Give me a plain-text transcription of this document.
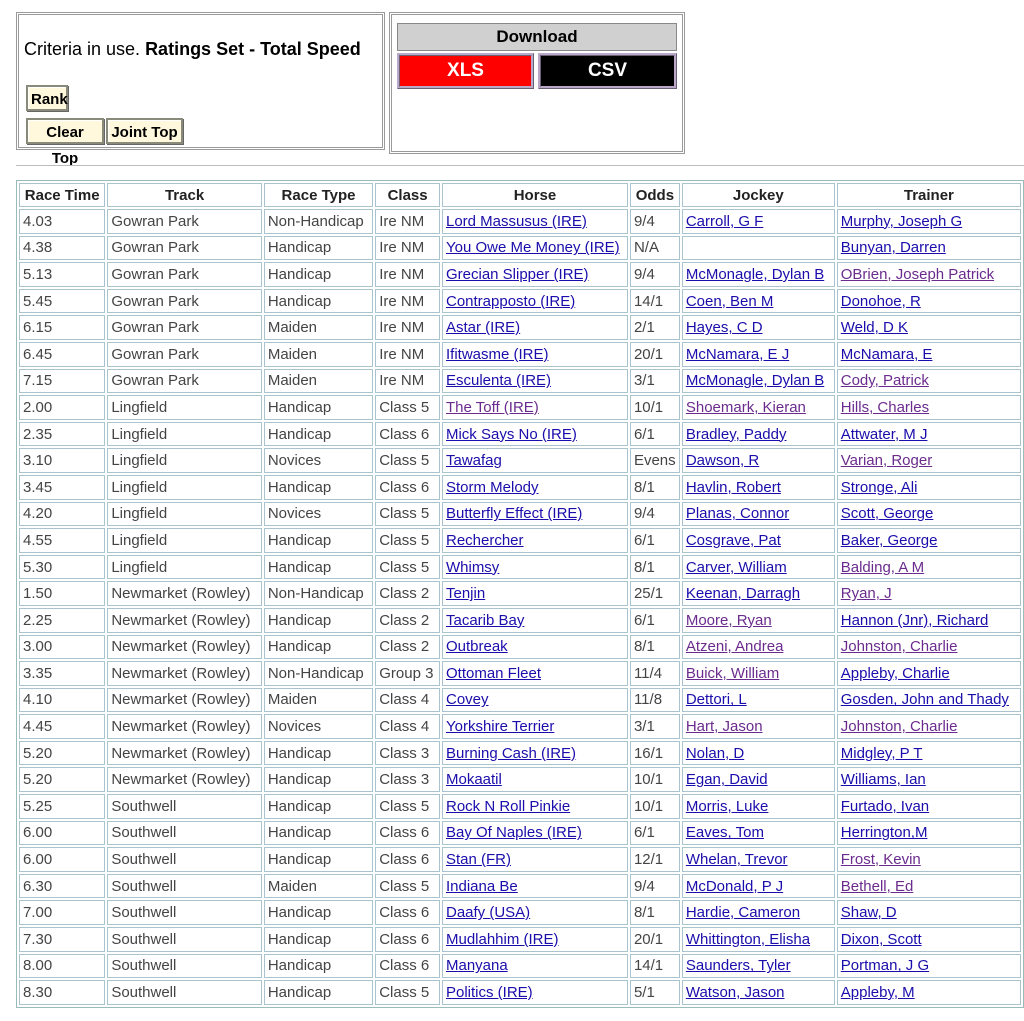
Criteria in use. Ratings Set - Total Speed
Rank
Clear Top
Joint Top
Download
XLS	CSV
Race Time	Track	Race Type	Class	Horse	Odds	Jockey	Trainer
4.03	Gowran Park	Non-Handicap	Ire NM	Lord Massusus (IRE)	9/4	Carroll, G F	Murphy, Joseph G
4.38	Gowran Park	Handicap	Ire NM	You Owe Me Money (IRE)	N/A		Bunyan, Darren
5.13	Gowran Park	Handicap	Ire NM	Grecian Slipper (IRE)	9/4	McMonagle, Dylan B	OBrien, Joseph Patrick
5.45	Gowran Park	Handicap	Ire NM	Contrapposto (IRE)	14/1	Coen, Ben M	Donohoe, R
6.15	Gowran Park	Maiden	Ire NM	Astar (IRE)	2/1	Hayes, C D	Weld, D K
6.45	Gowran Park	Maiden	Ire NM	Ifitwasme (IRE)	20/1	McNamara, E J	McNamara, E
7.15	Gowran Park	Maiden	Ire NM	Esculenta (IRE)	3/1	McMonagle, Dylan B	Cody, Patrick
2.00	Lingfield	Handicap	Class 5	The Toff (IRE)	10/1	Shoemark, Kieran	Hills, Charles
2.35	Lingfield	Handicap	Class 6	Mick Says No (IRE)	6/1	Bradley, Paddy	Attwater, M J
3.10	Lingfield	Novices	Class 5	Tawafag	Evens	Dawson, R	Varian, Roger
3.45	Lingfield	Handicap	Class 6	Storm Melody	8/1	Havlin, Robert	Stronge, Ali
4.20	Lingfield	Novices	Class 5	Butterfly Effect (IRE)	9/4	Planas, Connor	Scott, George
4.55	Lingfield	Handicap	Class 5	Rechercher	6/1	Cosgrave, Pat	Baker, George
5.30	Lingfield	Handicap	Class 5	Whimsy	8/1	Carver, William	Balding, A M
1.50	Newmarket (Rowley)	Non-Handicap	Class 2	Tenjin	25/1	Keenan, Darragh	Ryan, J
2.25	Newmarket (Rowley)	Handicap	Class 2	Tacarib Bay	6/1	Moore, Ryan	Hannon (Jnr), Richard
3.00	Newmarket (Rowley)	Handicap	Class 2	Outbreak	8/1	Atzeni, Andrea	Johnston, Charlie
3.35	Newmarket (Rowley)	Non-Handicap	Group 3	Ottoman Fleet	11/4	Buick, William	Appleby, Charlie
4.10	Newmarket (Rowley)	Maiden	Class 4	Covey	11/8	Dettori, L	Gosden, John and Thady
4.45	Newmarket (Rowley)	Novices	Class 4	Yorkshire Terrier	3/1	Hart, Jason	Johnston, Charlie
5.20	Newmarket (Rowley)	Handicap	Class 3	Burning Cash (IRE)	16/1	Nolan, D	Midgley, P T
5.20	Newmarket (Rowley)	Handicap	Class 3	Mokaatil	10/1	Egan, David	Williams, Ian
5.25	Southwell	Handicap	Class 5	Rock N Roll Pinkie	10/1	Morris, Luke	Furtado, Ivan
6.00	Southwell	Handicap	Class 6	Bay Of Naples (IRE)	6/1	Eaves, Tom	Herrington,M
6.00	Southwell	Handicap	Class 6	Stan (FR)	12/1	Whelan, Trevor	Frost, Kevin
6.30	Southwell	Maiden	Class 5	Indiana Be	9/4	McDonald, P J	Bethell, Ed
7.00	Southwell	Handicap	Class 6	Daafy (USA)	8/1	Hardie, Cameron	Shaw, D
7.30	Southwell	Handicap	Class 6	Mudlahhim (IRE)	20/1	Whittington, Elisha	Dixon, Scott
8.00	Southwell	Handicap	Class 6	Manyana	14/1	Saunders, Tyler	Portman, J G
8.30	Southwell	Handicap	Class 5	Politics (IRE)	5/1	Watson, Jason	Appleby, M
